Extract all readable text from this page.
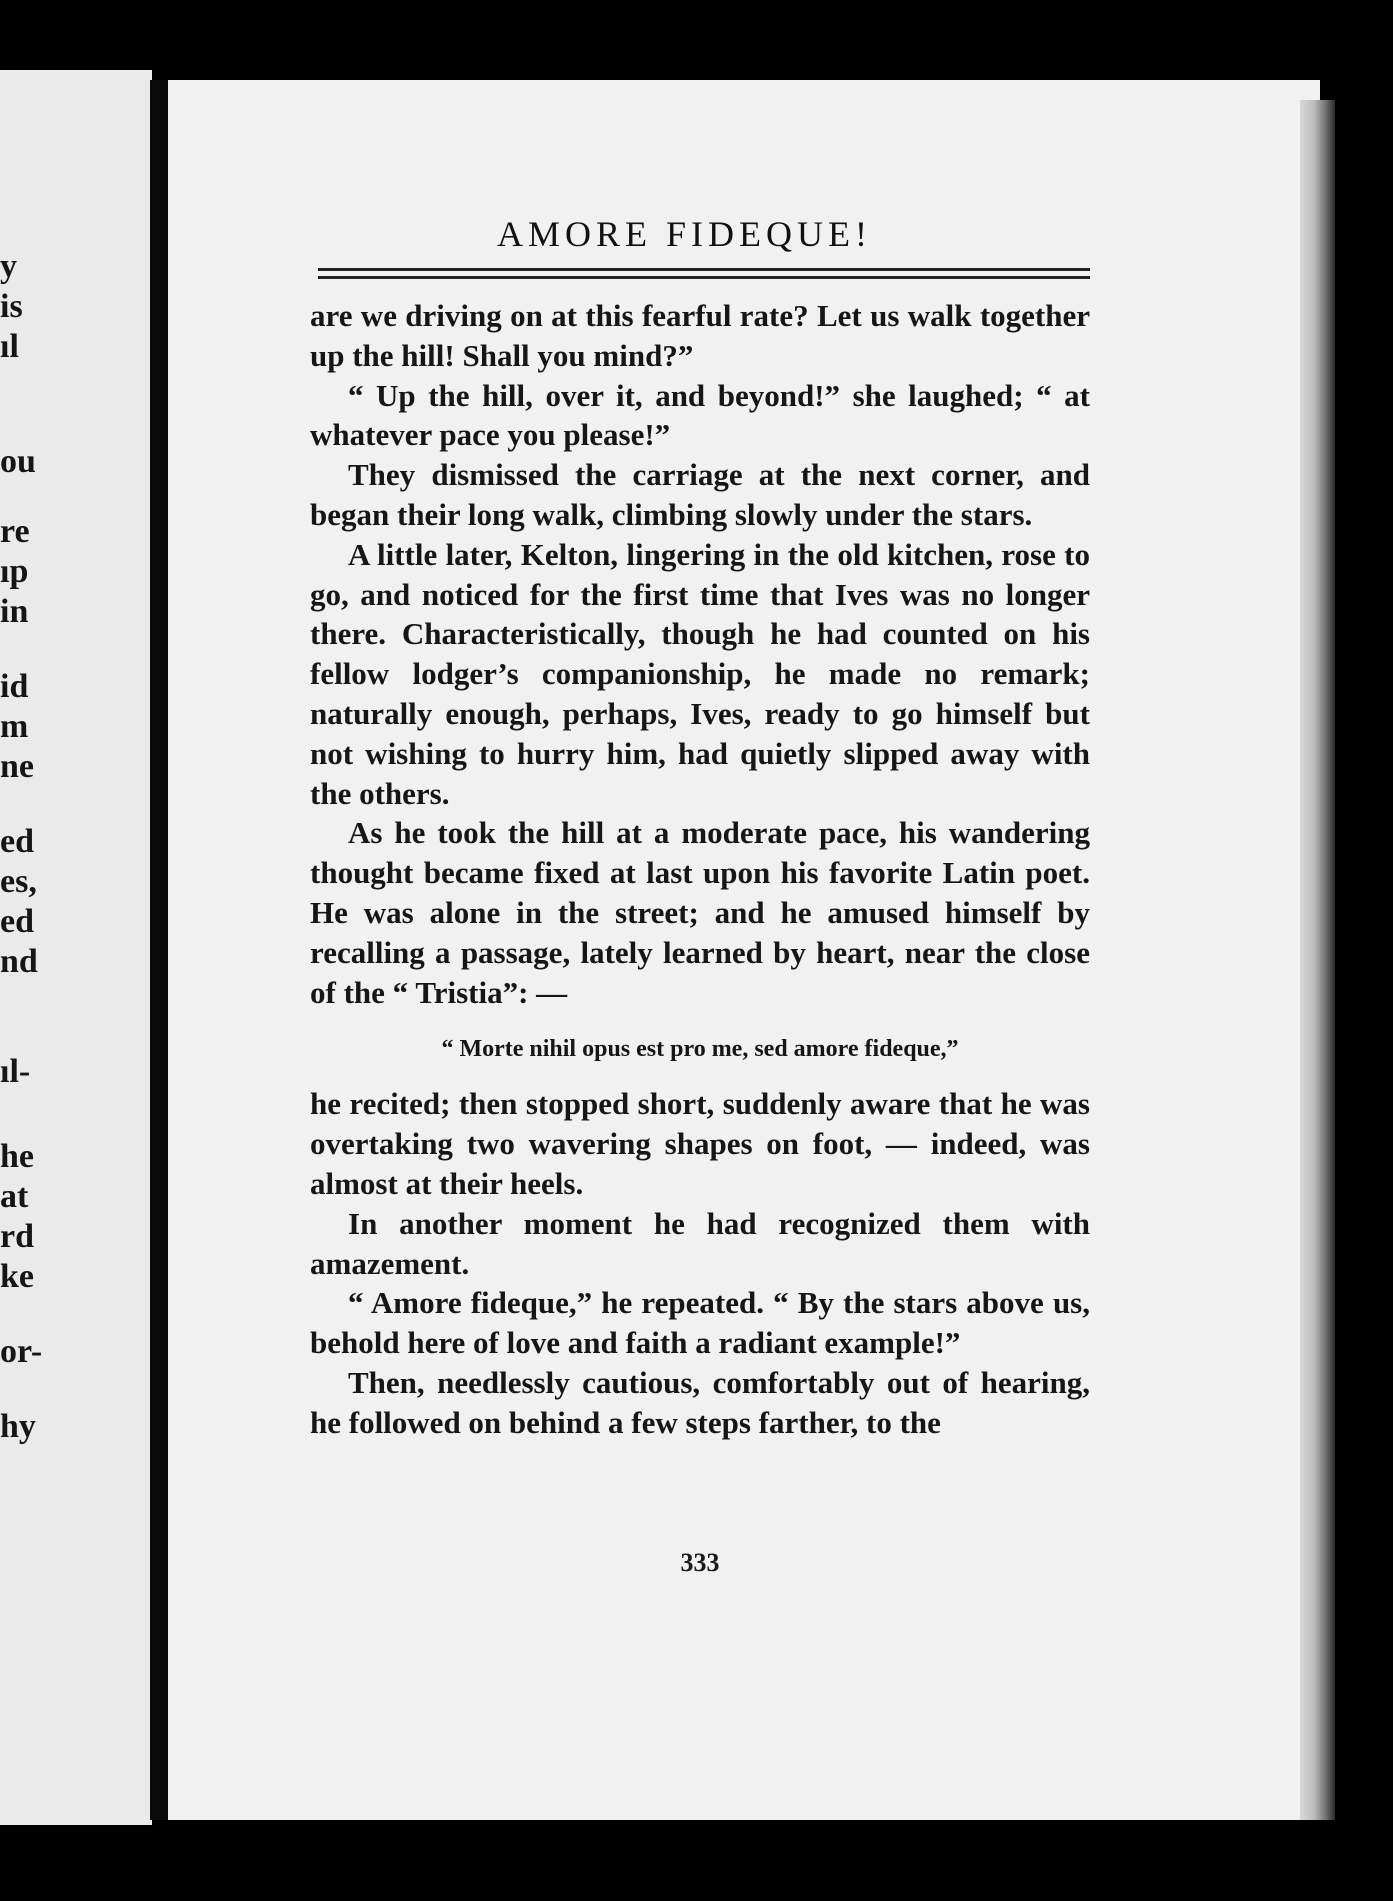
y
is
ıl
ou
re
ıp
in
id
m
ne
ed
es,
ed
nd
ıl-
he
at
rd
ke
or-
hy
AMORE FIDEQUE!

are we driving on at this fearful rate? Let us walk together up the hill! Shall you mind?”

“ Up the hill, over it, and beyond!” she laughed; “ at whatever pace you please!”

They dismissed the carriage at the next corner, and began their long walk, climbing slowly under the stars.

A little later, Kelton, lingering in the old kitchen, rose to go, and noticed for the first time that Ives was no longer there. Characteristically, though he had counted on his fellow lodger’s companionship, he made no remark; naturally enough, perhaps, Ives, ready to go himself but not wishing to hurry him, had quietly slipped away with the others.

As he took the hill at a moderate pace, his wandering thought became fixed at last upon his favorite Latin poet. He was alone in the street; and he amused himself by recalling a passage, lately learned by heart, near the close of the “ Tristia”: —

“ Morte nihil opus est pro me, sed amore fideque,”

he recited; then stopped short, suddenly aware that he was overtaking two wavering shapes on foot, — indeed, was almost at their heels.

In another moment he had recognized them with amazement.

“ Amore fideque,” he repeated. “ By the stars above us, behold here of love and faith a radiant example!”

Then, needlessly cautious, comfortably out of hearing, he followed on behind a few steps farther, to the

333
